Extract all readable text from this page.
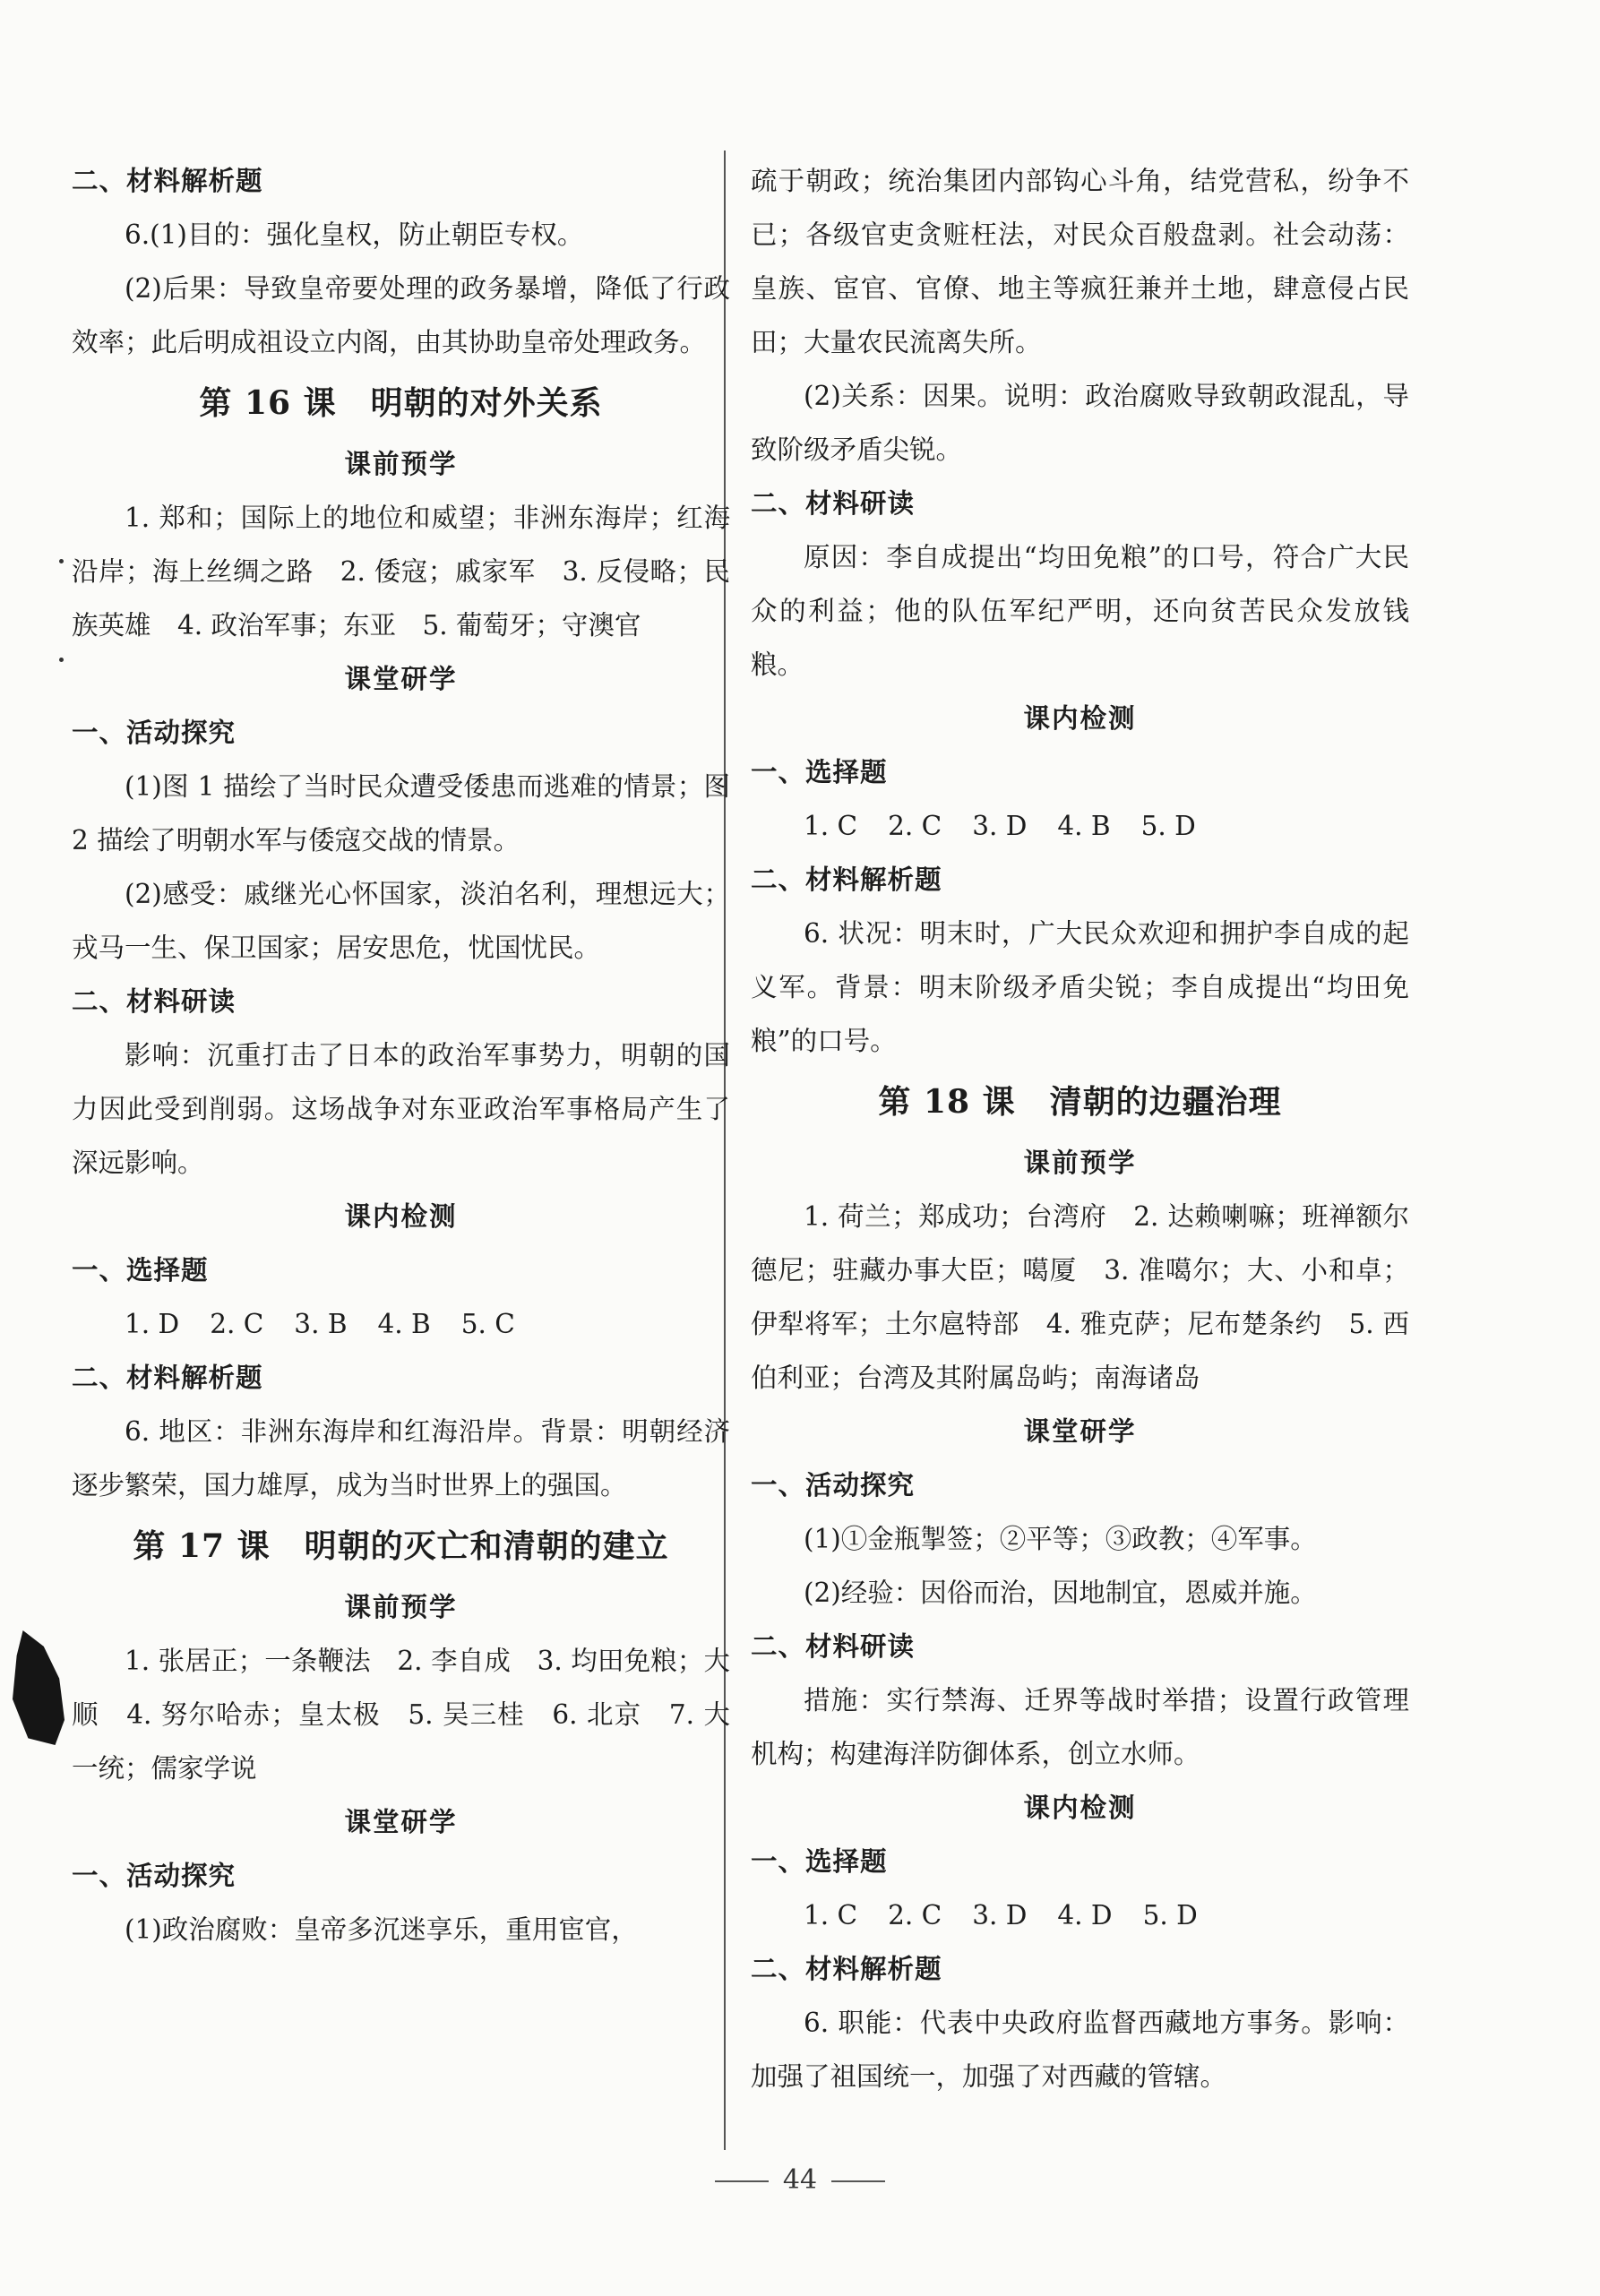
二、材料解析题

6.(1)目的：强化皇权，防止朝臣专权。

(2)后果：导致皇帝要处理的政务暴增，降低了行政效率；此后明成祖设立内阁，由其协助皇帝处理政务。

第 16 课 明朝的对外关系

课前预学

1. 郑和；国际上的地位和威望；非洲东海岸；红海沿岸；海上丝绸之路　2. 倭寇；戚家军　3. 反侵略；民族英雄　4. 政治军事；东亚　5. 葡萄牙；守澳官

课堂研学

一、活动探究

(1)图 1 描绘了当时民众遭受倭患而逃难的情景；图 2 描绘了明朝水军与倭寇交战的情景。

(2)感受：戚继光心怀国家，淡泊名利，理想远大；戎马一生、保卫国家；居安思危，忧国忧民。

二、材料研读

影响：沉重打击了日本的政治军事势力，明朝的国力因此受到削弱。这场战争对东亚政治军事格局产生了深远影响。

课内检测

一、选择题

1. D 2. C 3. B 4. B 5. C

二、材料解析题

6. 地区：非洲东海岸和红海沿岸。背景：明朝经济逐步繁荣，国力雄厚，成为当时世界上的强国。

第 17 课 明朝的灭亡和清朝的建立

课前预学

1. 张居正；一条鞭法　2. 李自成　3. 均田免粮；大顺　4. 努尔哈赤；皇太极　5. 吴三桂　6. 北京　7. 大一统；儒家学说

课堂研学

一、活动探究

(1)政治腐败：皇帝多沉迷享乐，重用宦官，

疏于朝政；统治集团内部钩心斗角，结党营私，纷争不已；各级官吏贪赃枉法，对民众百般盘剥。社会动荡：皇族、宦官、官僚、地主等疯狂兼并土地，肆意侵占民田；大量农民流离失所。

(2)关系：因果。说明：政治腐败导致朝政混乱，导致阶级矛盾尖锐。

二、材料研读

原因：李自成提出“均田免粮”的口号，符合广大民众的利益；他的队伍军纪严明，还向贫苦民众发放钱粮。

课内检测

一、选择题

1. C 2. C 3. D 4. B 5. D

二、材料解析题

6. 状况：明末时，广大民众欢迎和拥护李自成的起义军。背景：明末阶级矛盾尖锐；李自成提出“均田免粮”的口号。

第 18 课 清朝的边疆治理

课前预学

1. 荷兰；郑成功；台湾府　2. 达赖喇嘛；班禅额尔德尼；驻藏办事大臣；噶厦　3. 准噶尔；大、小和卓；伊犁将军；土尔扈特部　4. 雅克萨；尼布楚条约　5. 西伯利亚；台湾及其附属岛屿；南海诸岛

课堂研学

一、活动探究

(1)①金瓶掣签；②平等；③政教；④军事。

(2)经验：因俗而治，因地制宜，恩威并施。

二、材料研读

措施：实行禁海、迁界等战时举措；设置行政管理机构；构建海洋防御体系，创立水师。

课内检测

一、选择题

1. C 2. C 3. D 4. D 5. D

二、材料解析题

6. 职能：代表中央政府监督西藏地方事务。影响：加强了祖国统一，加强了对西藏的管辖。

44
